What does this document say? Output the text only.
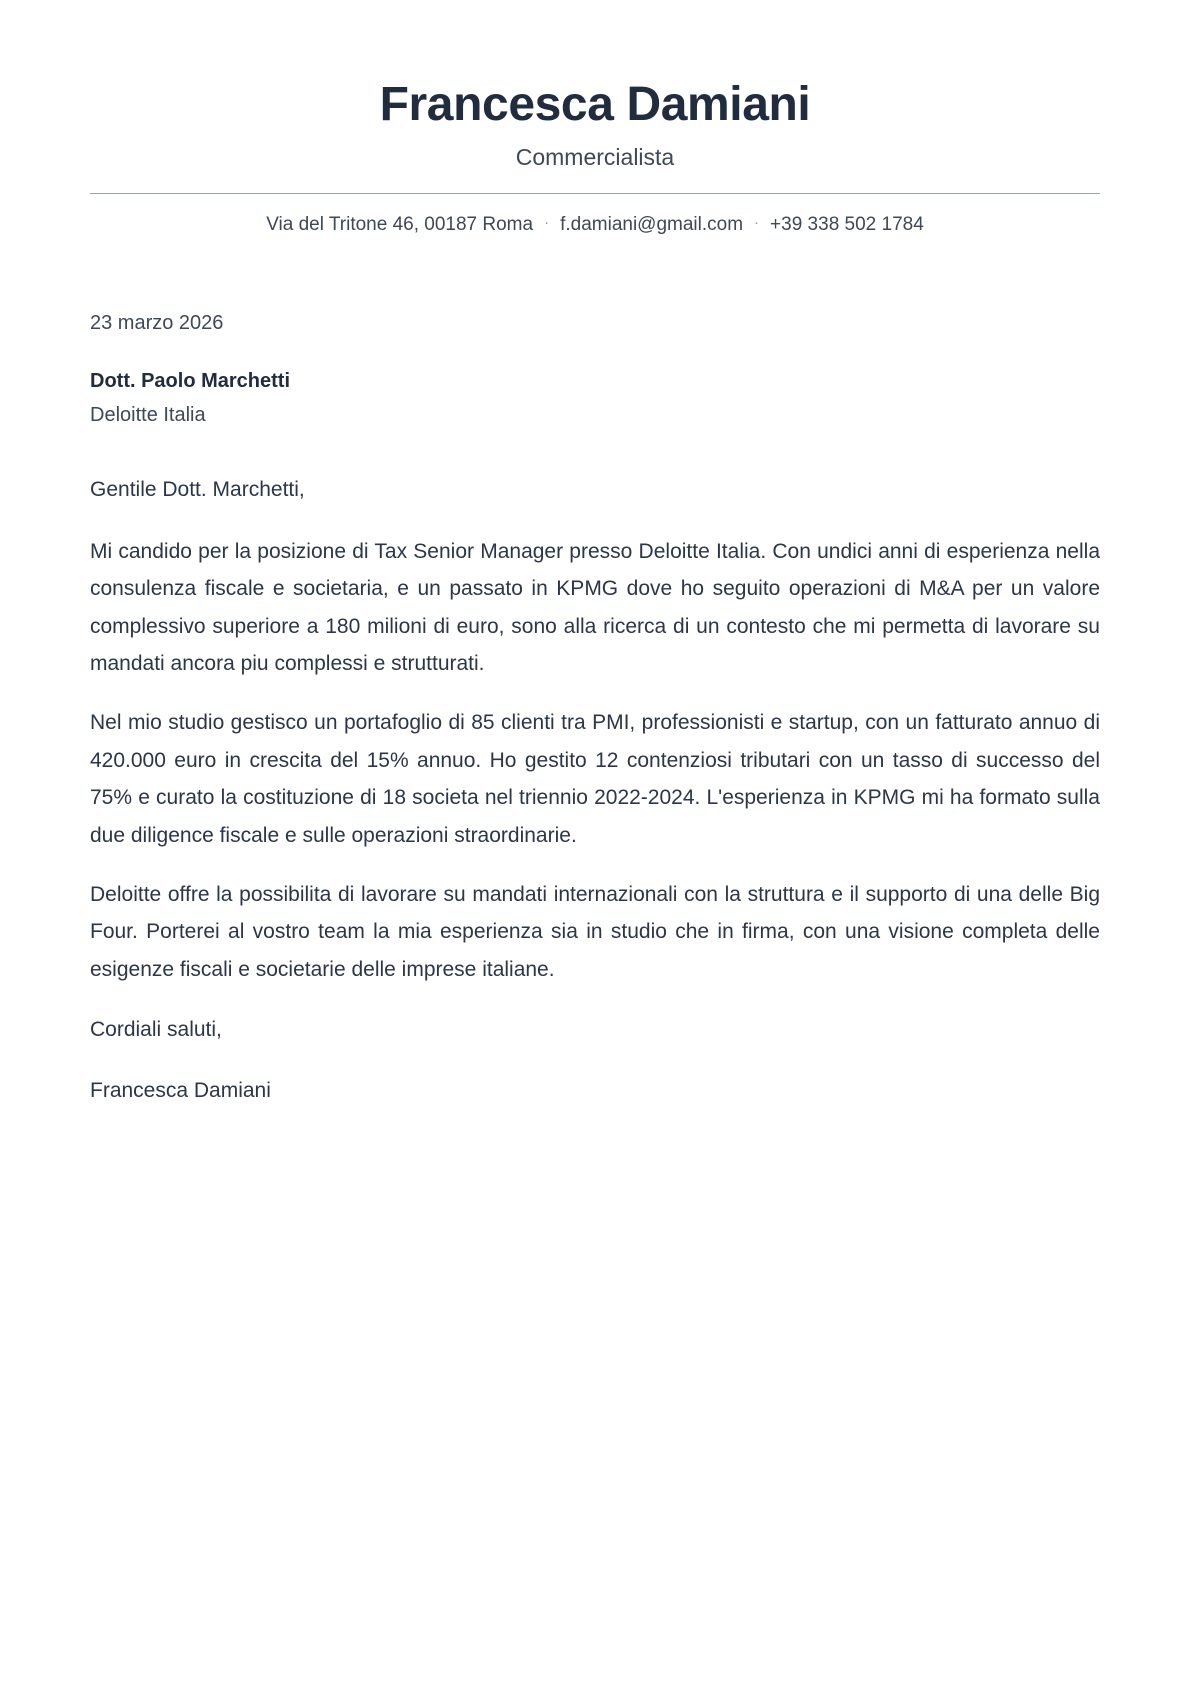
Francesca Damiani
Commercialista
Via del Tritone 46, 00187 Roma · f.damiani@gmail.com · +39 338 502 1784
23 marzo 2026
Dott. Paolo Marchetti
Deloitte Italia
Gentile Dott. Marchetti,

Mi candido per la posizione di Tax Senior Manager presso Deloitte Italia. Con undici anni di esperienza nella consulenza fiscale e societaria, e un passato in KPMG dove ho seguito operazioni di M&A per un valore complessivo superiore a 180 milioni di euro, sono alla ricerca di un contesto che mi permetta di lavorare su mandati ancora piu complessi e strutturati.

Nel mio studio gestisco un portafoglio di 85 clienti tra PMI, professionisti e startup, con un fatturato annuo di 420.000 euro in crescita del 15% annuo. Ho gestito 12 contenziosi tributari con un tasso di successo del 75% e curato la costituzione di 18 societa nel triennio 2022-2024. L'esperienza in KPMG mi ha formato sulla due diligence fiscale e sulle operazioni straordinarie.

Deloitte offre la possibilita di lavorare su mandati internazionali con la struttura e il supporto di una delle Big Four. Porterei al vostro team la mia esperienza sia in studio che in firma, con una visione completa delle esigenze fiscali e societarie delle imprese italiane.

Cordiali saluti,
Francesca Damiani
